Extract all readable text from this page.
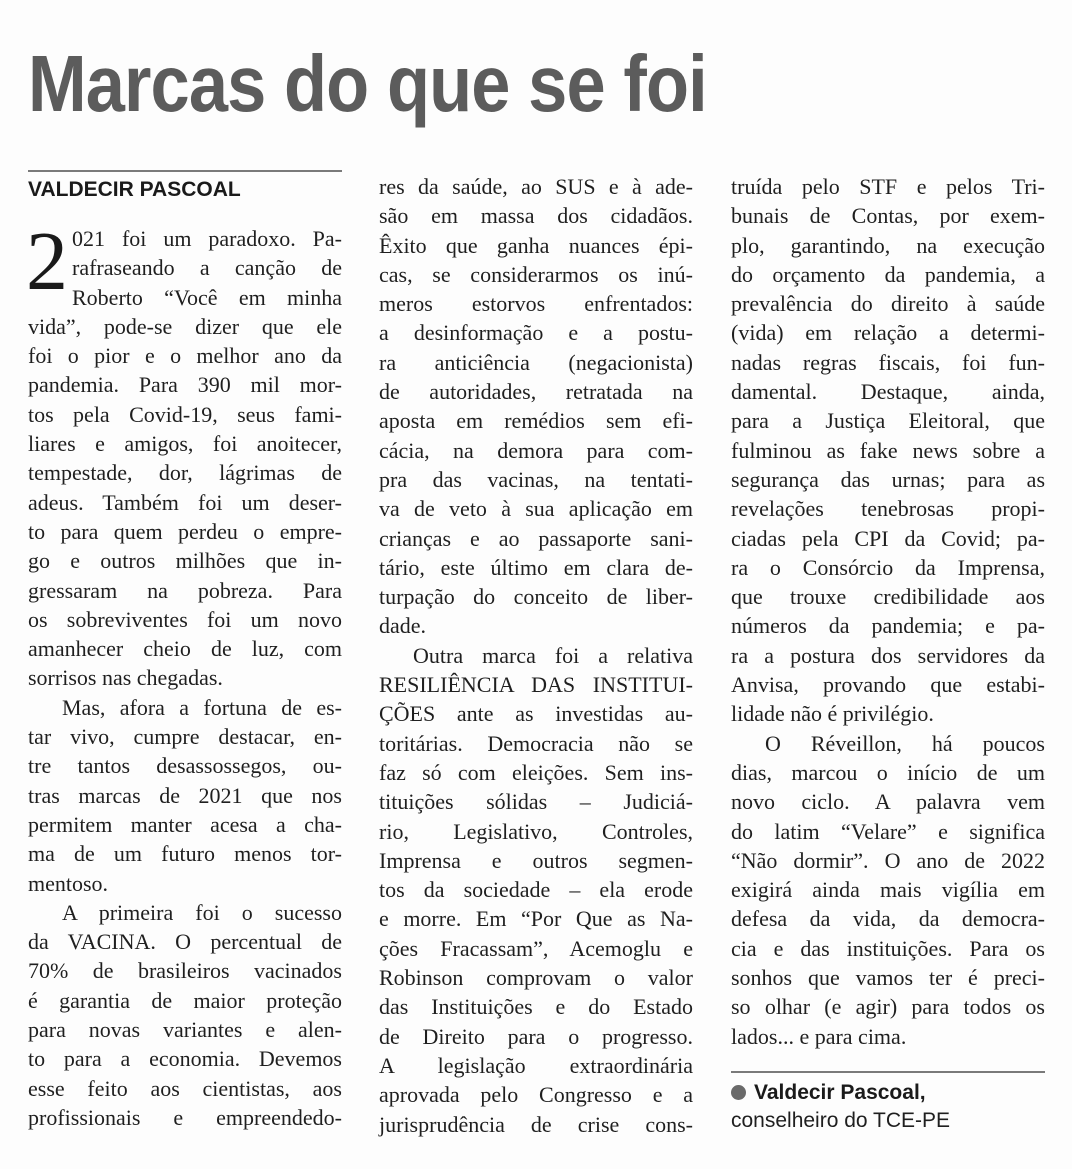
Marcas do que se foi
VALDECIR PASCOAL
2 021 foi um paradoxo. Pa-
rafraseando a canção de
Roberto “Você em minha
vida”, pode-se dizer que ele
foi o pior e o melhor ano da
pandemia. Para 390 mil mor-
tos pela Covid-19, seus fami-
liares e amigos, foi anoitecer,
tempestade, dor, lágrimas de
adeus. Também foi um deser-
to para quem perdeu o empre-
go e outros milhões que in-
gressaram na pobreza. Para
os sobreviventes foi um novo
amanhecer cheio de luz, com
sorrisos nas chegadas.
Mas, afora a fortuna de es-
tar vivo, cumpre destacar, en-
tre tantos desassossegos, ou-
tras marcas de 2021 que nos
permitem manter acesa a cha-
ma de um futuro menos tor-
mentoso.
A primeira foi o sucesso
da VACINA. O percentual de
70% de brasileiros vacinados
é garantia de maior proteção
para novas variantes e alen-
to para a economia. Devemos
esse feito aos cientistas, aos
profissionais e empreendedo-
res da saúde, ao SUS e à ade-
são em massa dos cidadãos.
Êxito que ganha nuances épi-
cas, se considerarmos os inú-
meros estorvos enfrentados:
a desinformação e a postu-
ra anticiência (negacionista)
de autoridades, retratada na
aposta em remédios sem efi-
cácia, na demora para com-
pra das vacinas, na tentati-
va de veto à sua aplicação em
crianças e ao passaporte sani-
tário, este último em clara de-
turpação do conceito de liber-
dade.
Outra marca foi a relativa
RESILIÊNCIA DAS INSTITUI-
ÇÕES ante as investidas au-
toritárias. Democracia não se
faz só com eleições. Sem ins-
tituições sólidas – Judiciá-
rio, Legislativo, Controles,
Imprensa e outros segmen-
tos da sociedade – ela erode
e morre. Em “Por Que as Na-
ções Fracassam”, Acemoglu e
Robinson comprovam o valor
das Instituições e do Estado
de Direito para o progresso.
A legislação extraordinária
aprovada pelo Congresso e a
jurisprudência de crise cons-
truída pelo STF e pelos Tri-
bunais de Contas, por exem-
plo, garantindo, na execução
do orçamento da pandemia, a
prevalência do direito à saúde
(vida) em relação a determi-
nadas regras fiscais, foi fun-
damental. Destaque, ainda,
para a Justiça Eleitoral, que
fulminou as fake news sobre a
segurança das urnas; para as
revelações tenebrosas propi-
ciadas pela CPI da Covid; pa-
ra o Consórcio da Imprensa,
que trouxe credibilidade aos
números da pandemia; e pa-
ra a postura dos servidores da
Anvisa, provando que estabi-
lidade não é privilégio.
O Réveillon, há poucos
dias, marcou o início de um
novo ciclo. A palavra vem
do latim “Velare” e significa
“Não dormir”. O ano de 2022
exigirá ainda mais vigília em
defesa da vida, da democra-
cia e das instituições. Para os
sonhos que vamos ter é preci-
so olhar (e agir) para todos os
lados... e para cima.
Valdecir Pascoal,
conselheiro do TCE-PE
